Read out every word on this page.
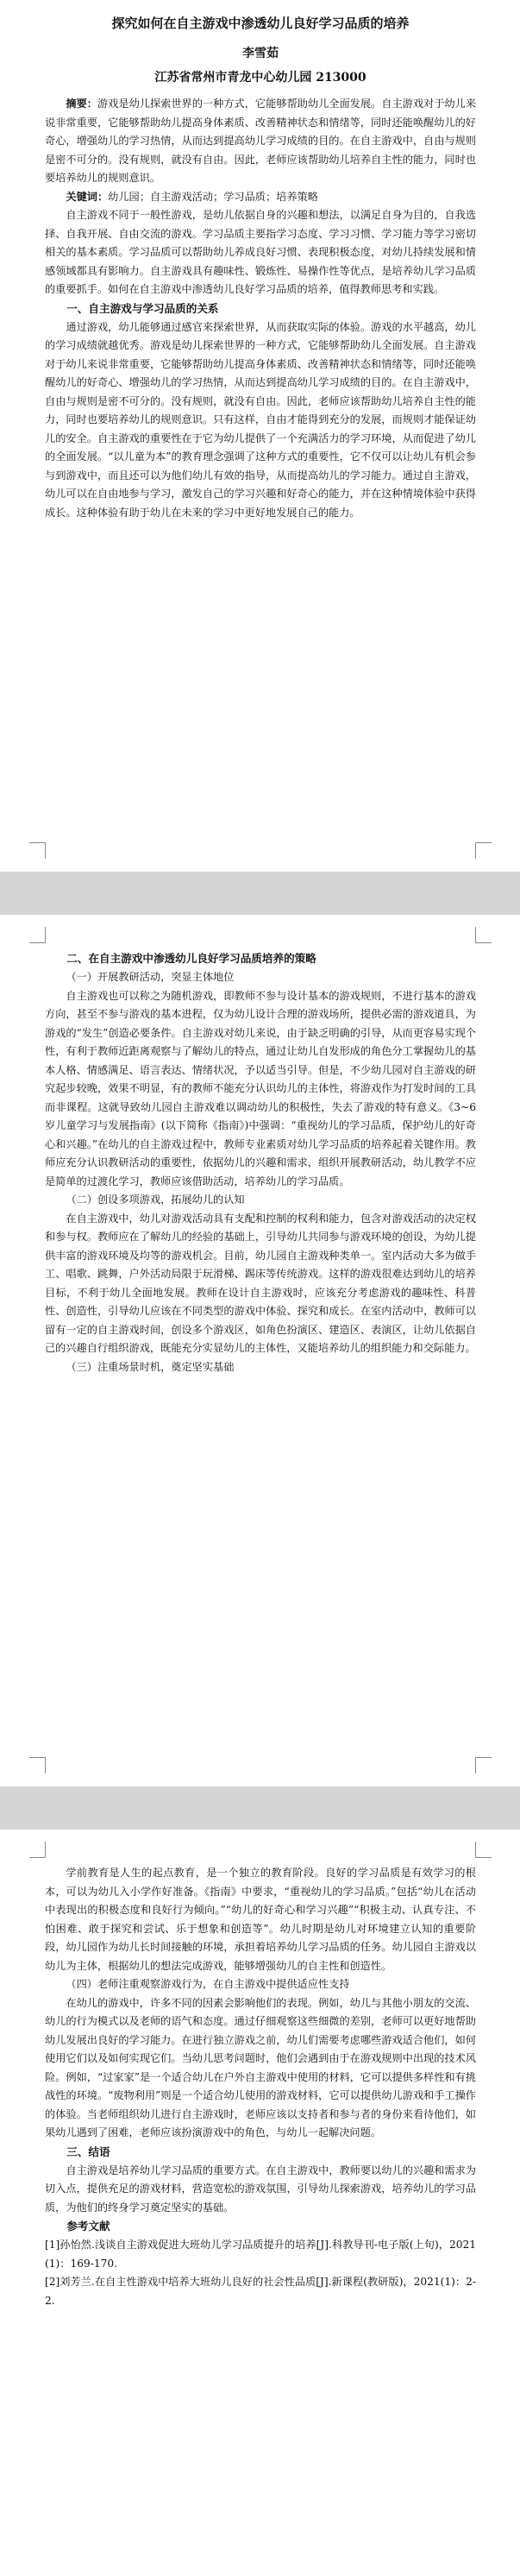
探究如何在自主游戏中渗透幼儿良好学习品质的培养

李雪茹

江苏省常州市青龙中心幼儿园 213000

摘要：游戏是幼儿探索世界的一种方式，它能够帮助幼儿全面发展。自主游戏对于幼儿来说非常重要，它能够帮助幼儿提高身体素质、改善精神状态和情绪等，同时还能唤醒幼儿的好奇心，增强幼儿的学习热情，从而达到提高幼儿学习成绩的目的。在自主游戏中，自由与规则是密不可分的。没有规则，就没有自由。因此，老师应该帮助幼儿培养自主性的能力，同时也要培养幼儿的规则意识。

关键词：幼儿园；自主游戏活动；学习品质；培养策略

自主游戏不同于一般性游戏，是幼儿依据自身的兴趣和想法，以满足自身为目的，自我选择、自我开展、自由交流的游戏。学习品质主要指学习态度、学习习惯、学习能力等学习密切相关的基本素质。学习品质可以帮助幼儿养成良好习惯、表现积极态度，对幼儿持续发展和情感领域都具有影响力。自主游戏具有趣味性、锻炼性、易操作性等优点，是培养幼儿学习品质的重要抓手。如何在自主游戏中渗透幼儿良好学习品质的培养，值得教师思考和实践。

一、自主游戏与学习品质的关系

通过游戏，幼儿能够通过感官来探索世界，从而获取实际的体验。游戏的水平越高，幼儿的学习成绩就越优秀。游戏是幼儿探索世界的一种方式，它能够帮助幼儿全面发展。自主游戏对于幼儿来说非常重要，它能够帮助幼儿提高身体素质、改善精神状态和情绪等，同时还能唤醒幼儿的好奇心、增强幼儿的学习热情，从而达到提高幼儿学习成绩的目的。在自主游戏中，自由与规则是密不可分的。没有规则，就没有自由。因此，老师应该帮助幼儿培养自主性的能力，同时也要培养幼儿的规则意识。只有这样，自由才能得到充分的发展，而规则才能保证幼儿的安全。自主游戏的重要性在于它为幼儿提供了一个充满活力的学习环境，从而促进了幼儿的全面发展。“以儿童为本”的教育理念强调了这种方式的重要性，它不仅可以让幼儿有机会参与到游戏中，而且还可以为他们幼儿有效的指导，从而提高幼儿的学习能力。通过自主游戏，幼儿可以在自由地参与学习，激发自己的学习兴趣和好奇心的能力，并在这种情境体验中获得成长。这种体验有助于幼儿在未来的学习中更好地发展自己的能力。

二、在自主游戏中渗透幼儿良好学习品质培养的策略
（一）开展教研活动，突显主体地位

自主游戏也可以称之为随机游戏，即教师不参与设计基本的游戏规则，不进行基本的游戏方向，甚至不参与游戏的基本进程，仅为幼儿设计合理的游戏场所，提供必需的游戏道具，为游戏的“发生”创造必要条件。自主游戏对幼儿来说，由于缺乏明确的引导，从而更容易实现个性，有利于教师近距离观察与了解幼儿的特点，通过让幼儿自发形成的角色分工掌握幼儿的基本人格、情感满足、语言表达、情绪状况，予以适当引导。但是，不少幼儿园对自主游戏的研究起步较晚，效果不明显，有的教师不能充分认识幼儿的主体性，将游戏作为打发时间的工具而非课程。这就导致幼儿园自主游戏难以调动幼儿的积极性，失去了游戏的特有意义。《3~6岁儿童学习与发展指南》(以下简称《指南》)中强调：“重视幼儿的学习品质，保护幼儿的好奇心和兴趣。”在幼儿的自主游戏过程中，教师专业素质对幼儿学习品质的培养起着关键作用。教师应充分认识教研活动的重要性，依据幼儿的兴趣和需求，组织开展教研活动，幼儿教学不应是简单的过渡化学习，教师应该借助活动，培养幼儿的学习品质。

（二）创设多项游戏，拓展幼儿的认知

在自主游戏中，幼儿对游戏活动具有支配和控制的权利和能力，包含对游戏活动的决定权和参与权。教师应在了解幼儿的经验的基础上，引导幼儿共同参与游戏环境的创设，为幼儿提供丰富的游戏环境及均等的游戏机会。目前，幼儿园自主游戏种类单一。室内活动大多为做手工、唱歌、跳舞，户外活动局限于玩滑梯、踢床等传统游戏。这样的游戏很难达到幼儿的培养目标，不利于幼儿全面地发展。教师在设计自主游戏时，应该充分考虑游戏的趣味性、科普性、创造性，引导幼儿应该在不同类型的游戏中体验、探究和成长。在室内活动中，教师可以留有一定的自主游戏时间，创设多个游戏区，如角色扮演区、建造区、表演区，让幼儿依据自己的兴趣自行组织游戏，既能充分实显幼儿的主体性，又能培养幼儿的组织能力和交际能力。

（三）注重场景时机，奠定坚实基础

学前教育是人生的起点教育，是一个独立的教育阶段。良好的学习品质是有效学习的根本，可以为幼儿入小学作好准备。《指南》中要求，“重视幼儿的学习品质。”包括“幼儿在活动中表现出的积极态度和良好行为倾向。”“幼儿的好奇心和学习兴趣”“积极主动、认真专注、不怕困难、敢于探究和尝试、乐于想象和创造等”。幼儿时期是幼儿对环境建立认知的重要阶段，幼儿园作为幼儿长时间接触的环境，承担着培养幼儿学习品质的任务。幼儿园自主游戏以幼儿为主体，根据幼儿的想法完成游戏，能够增强幼儿的自主性和创造性。

（四）老师注重观察游戏行为，在自主游戏中提供适应性支持

在幼儿的游戏中，许多不同的因素会影响他们的表现。例如，幼儿与其他小朋友的交流、幼儿的行为模式以及老师的语气和态度。通过仔细观察这些细微的差别，老师可以更好地帮助幼儿发展出良好的学习能力。在进行独立游戏之前，幼儿们需要考虑哪些游戏适合他们，如何使用它们以及如何实现它们。当幼儿思考问题时，他们会遇到由于在游戏规则中出现的技术风险。例如，“过家家”是一个适合幼儿在户外自主游戏中使用的材料，它可以提供多样性和有挑战性的环境。“废物利用”则是一个适合幼儿使用的游戏材料，它可以提供幼儿游戏和手工操作的体验。当老师组织幼儿进行自主游戏时，老师应该以支持者和参与者的身份来看待他们，如果幼儿遇到了困难，老师应该扮演游戏中的角色，与幼儿一起解决问题。

三、结语

自主游戏是培养幼儿学习品质的重要方式。在自主游戏中，教师要以幼儿的兴趣和需求为切入点，提供充足的游戏材料，营造宽松的游戏氛围，引导幼儿探索游戏，培养幼儿的学习品质，为他们的终身学习奠定坚实的基础。

参考文献

[1]孙怡然.浅谈自主游戏促进大班幼儿学习品质提升的培养[J].科教导刊-电子版(上旬)，2021(1)：169-170.

[2]刘芳兰.在自主性游戏中培养大班幼儿良好的社会性品质[J].新课程(教研版)，2021(1)：2-2.
